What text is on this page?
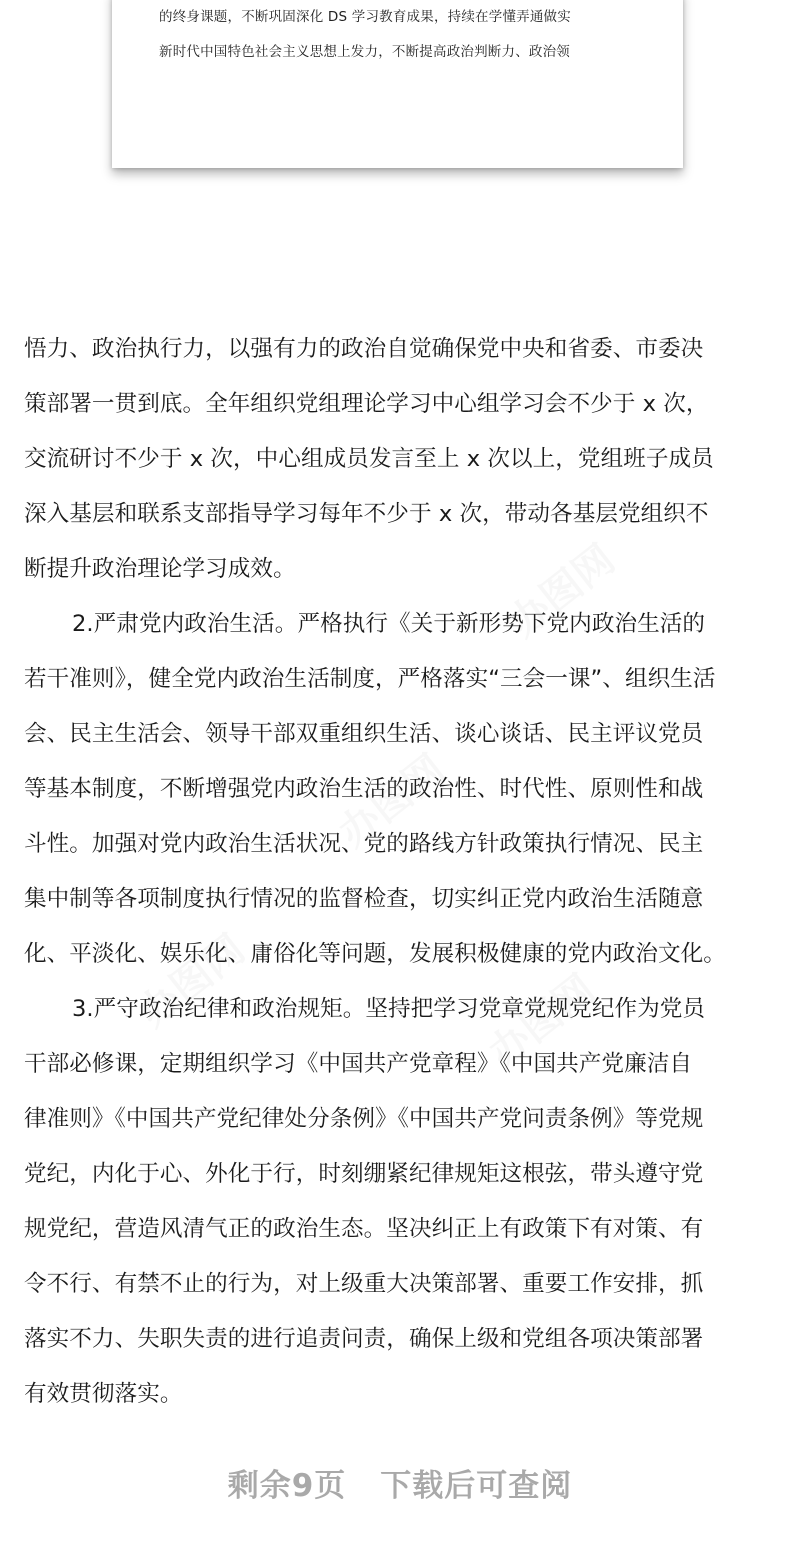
办图网
办图网
办图网	办图网
的终身课题，不断巩固深化 DS 学习教育成果，持续在学懂弄通做实
新时代中国特色社会主义思想上发力，不断提高政治判断力、政治领
悟力、政治执行力，以强有力的政治自觉确保党中央和省委、市委决
策部署一贯到底。全年组织党组理论学习中心组学习会不少于 x 次，
交流研讨不少于 x 次，中心组成员发言至上 x 次以上，党组班子成员
深入基层和联系支部指导学习每年不少于 x 次，带动各基层党组织不
断提升政治理论学习成效。
2.严肃党内政治生活。严格执行《关于新形势下党内政治生活的
若干准则》，健全党内政治生活制度，严格落实“三会一课”、组织生活
会、民主生活会、领导干部双重组织生活、谈心谈话、民主评议党员
等基本制度，不断增强党内政治生活的政治性、时代性、原则性和战
斗性。加强对党内政治生活状况、党的路线方针政策执行情况、民主
集中制等各项制度执行情况的监督检查，切实纠正党内政治生活随意
化、平淡化、娱乐化、庸俗化等问题，发展积极健康的党内政治文化。
3.严守政治纪律和政治规矩。坚持把学习党章党规党纪作为党员
干部必修课，定期组织学习《中国共产党章程》《中国共产党廉洁自
律准则》《中国共产党纪律处分条例》《中国共产党问责条例》等党规
党纪，内化于心、外化于行，时刻绷紧纪律规矩这根弦，带头遵守党
规党纪，营造风清气正的政治生态。坚决纠正上有政策下有对策、有
令不行、有禁不止的行为，对上级重大决策部署、重要工作安排，抓
落实不力、失职失责的进行追责问责，确保上级和党组各项决策部署
有效贯彻落实。
剩余9页 下载后可查阅
